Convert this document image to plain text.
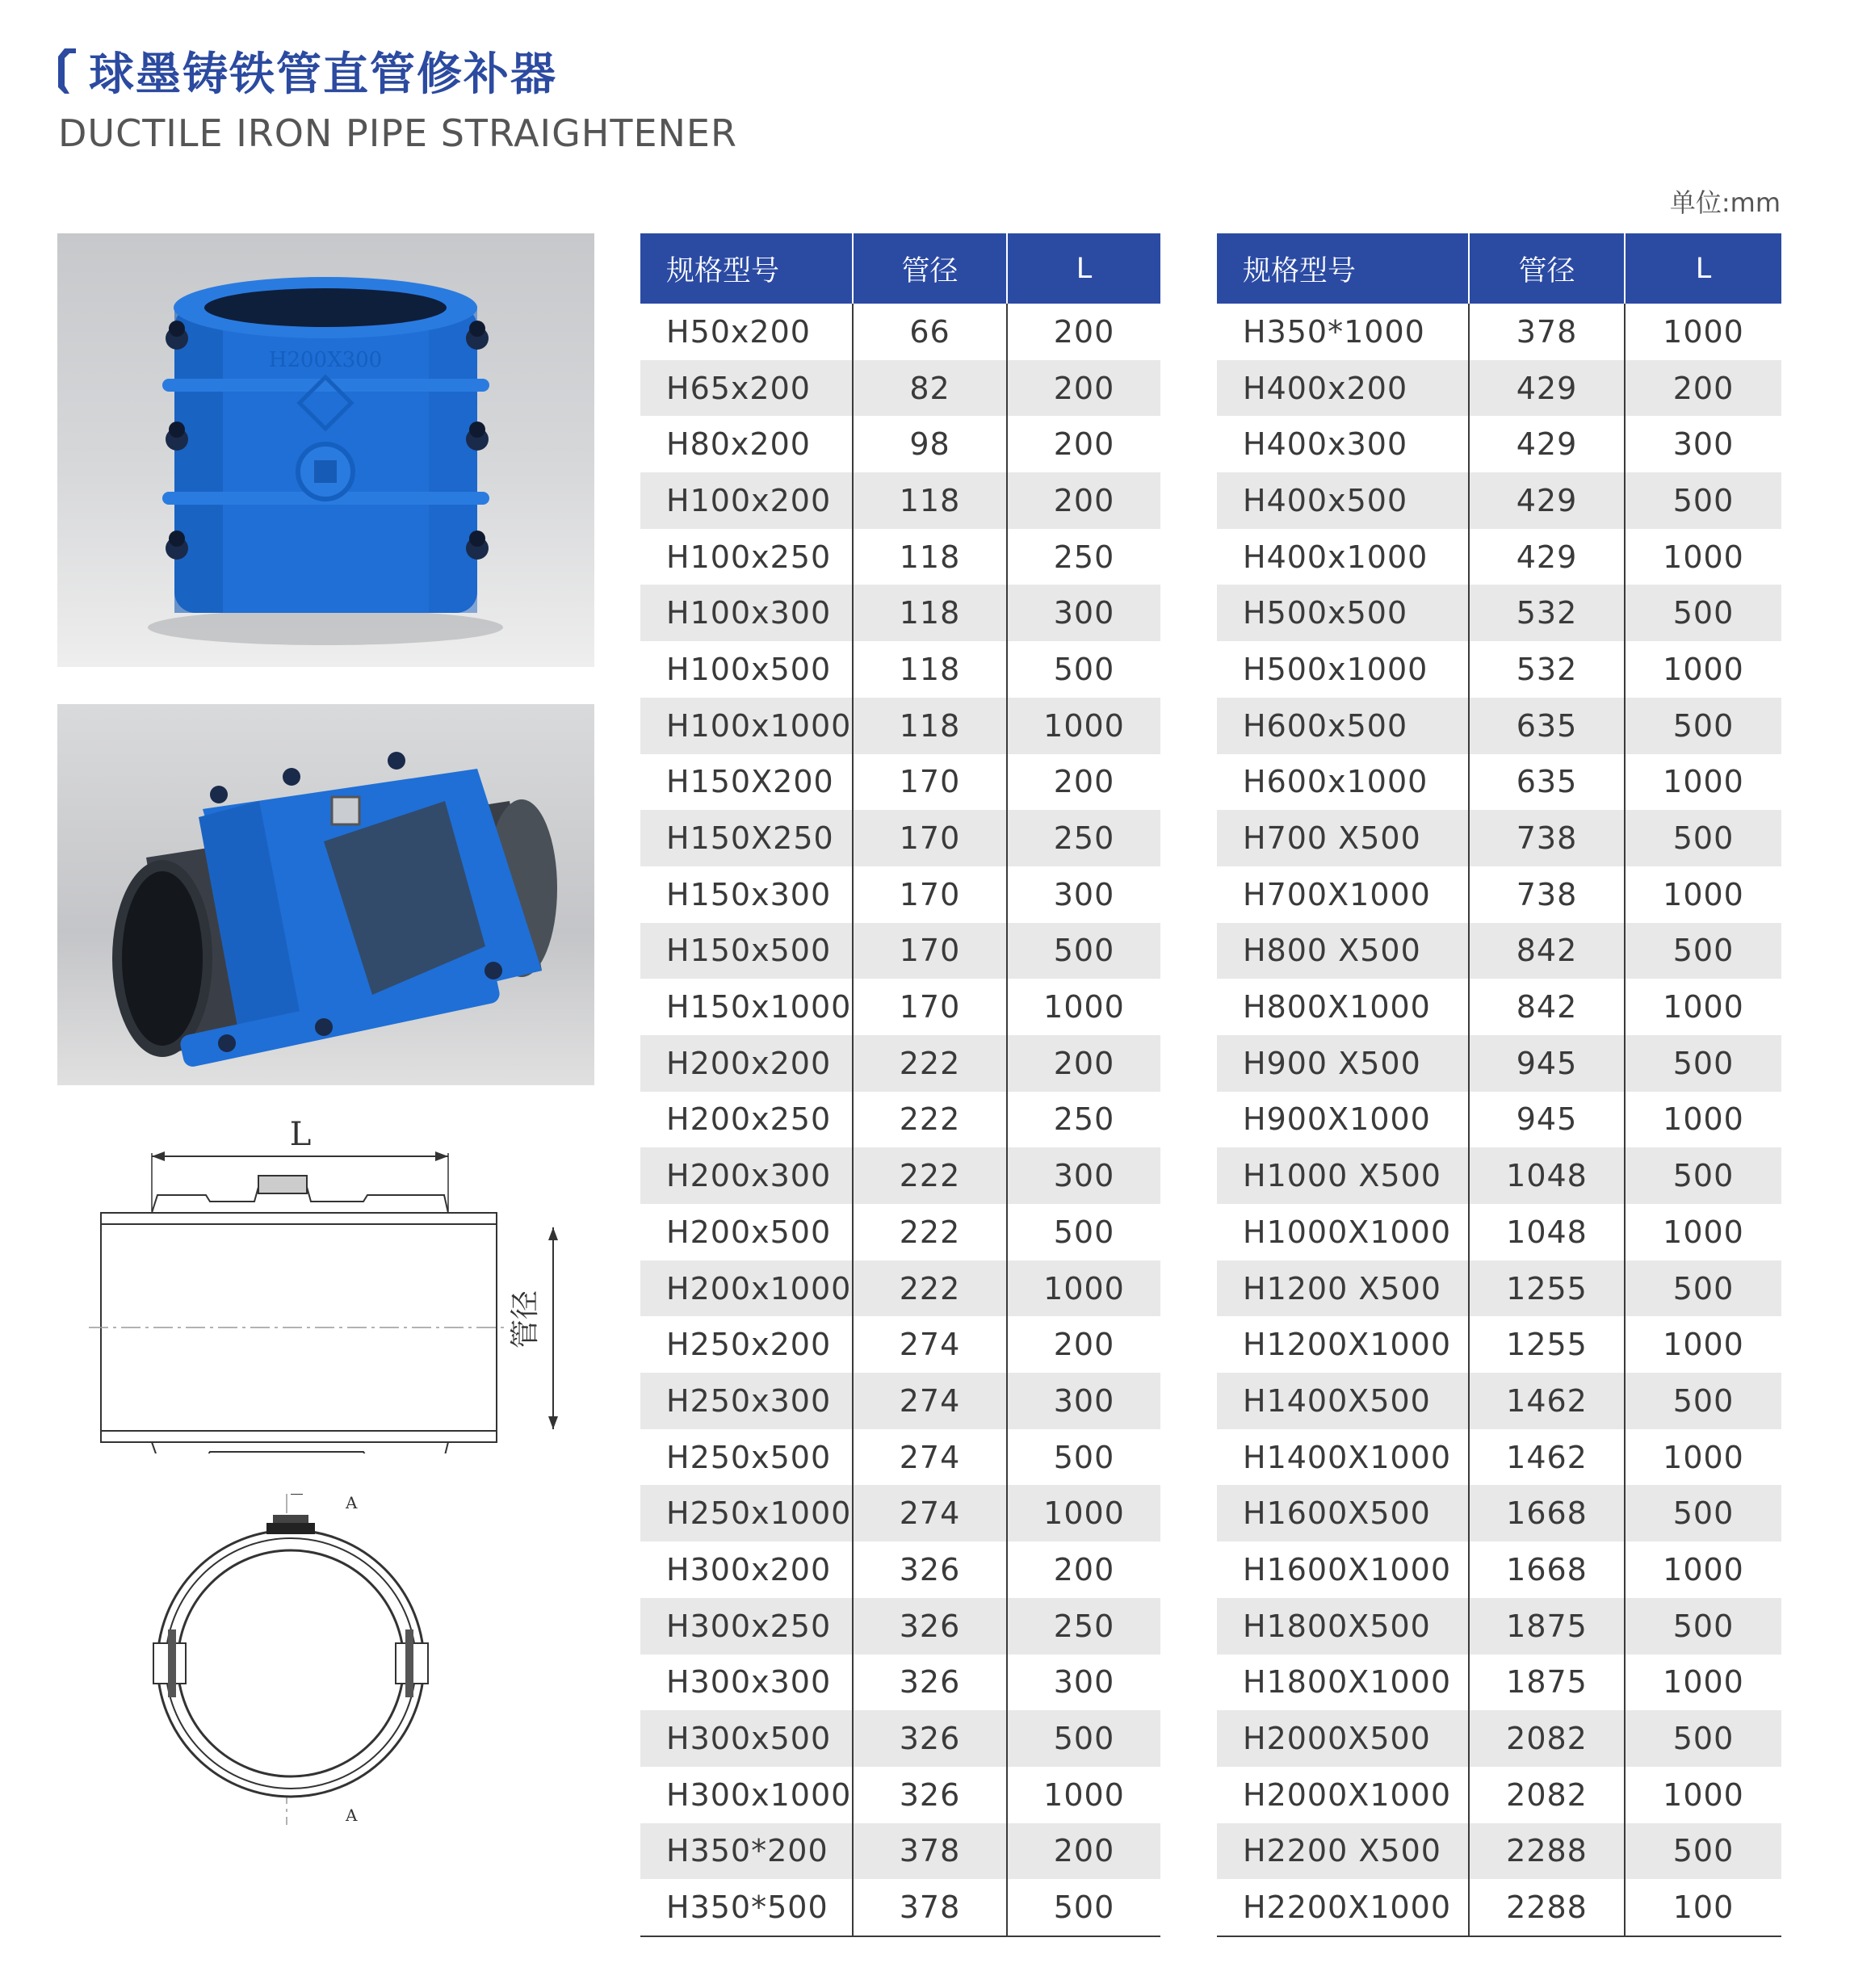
球墨铸铁管直管修补器
DUCTILE IRON PIPE STRAIGHTENER
单位:mm
H200X300
L
管径
A
A
规格型号	管径	L
H50x200	66	200
H65x200	82	200
H80x200	98	200
H100x200	118	200
H100x250	118	250
H100x300	118	300
H100x500	118	500
H100x1000	118	1000
H150X200	170	200
H150X250	170	250
H150x300	170	300
H150x500	170	500
H150x1000	170	1000
H200x200	222	200
H200x250	222	250
H200x300	222	300
H200x500	222	500
H200x1000	222	1000
H250x200	274	200
H250x300	274	300
H250x500	274	500
H250x1000	274	1000
H300x200	326	200
H300x250	326	250
H300x300	326	300
H300x500	326	500
H300x1000	326	1000
H350*200	378	200
H350*500	378	500
规格型号	管径	L
H350*1000	378	1000
H400x200	429	200
H400x300	429	300
H400x500	429	500
H400x1000	429	1000
H500x500	532	500
H500x1000	532	1000
H600x500	635	500
H600x1000	635	1000
H700 X500	738	500
H700X1000	738	1000
H800 X500	842	500
H800X1000	842	1000
H900 X500	945	500
H900X1000	945	1000
H1000 X500	1048	500
H1000X1000	1048	1000
H1200 X500	1255	500
H1200X1000	1255	1000
H1400X500	1462	500
H1400X1000	1462	1000
H1600X500	1668	500
H1600X1000	1668	1000
H1800X500	1875	500
H1800X1000	1875	1000
H2000X500	2082	500
H2000X1000	2082	1000
H2200 X500	2288	500
H2200X1000	2288	100
